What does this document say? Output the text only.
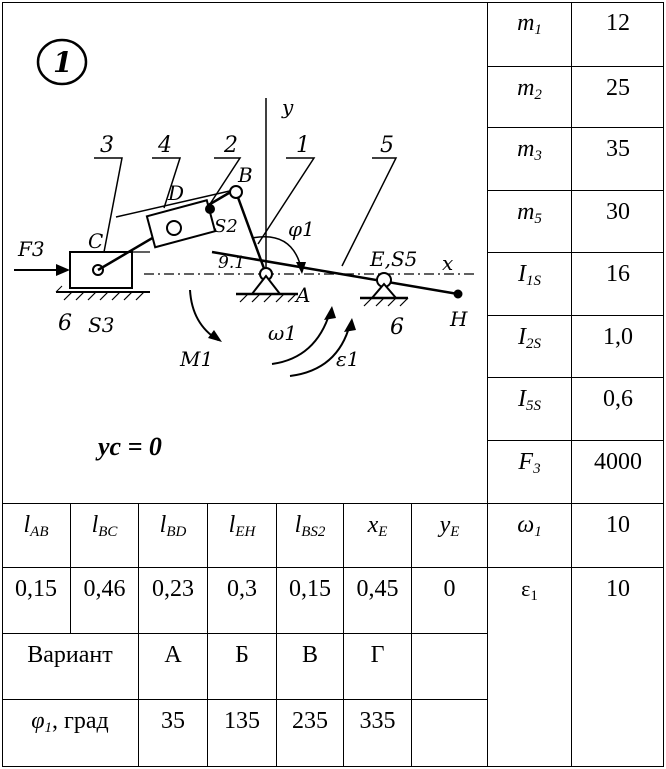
$m_1$	12
$m_2$	25
$m_3$	35
$m_5$	30
$I_{1S}$	16
$I_{2S}$	1,0
$I_{5S}$	0,6
$F_3$ 4000
$\omega_1$	10
$\varepsilon_1$	10
$l_{AB}$ $l_{BC}$ $l_{BD}$ $l_{EH}$ $l_{BS2}$ $x_E$ $y_E$
0,15 0,46 0,23 0,3 0,15 0,45 0
Вариант А Б В Г
$\varphi_1$, град 35 135 235 335
yc = 0
1
y
x
F3
3 4 2	1	5
6	6
B
D
C
A
E,S5
H
S2
S3
φ1
9.1
M1
ω1
ε1
